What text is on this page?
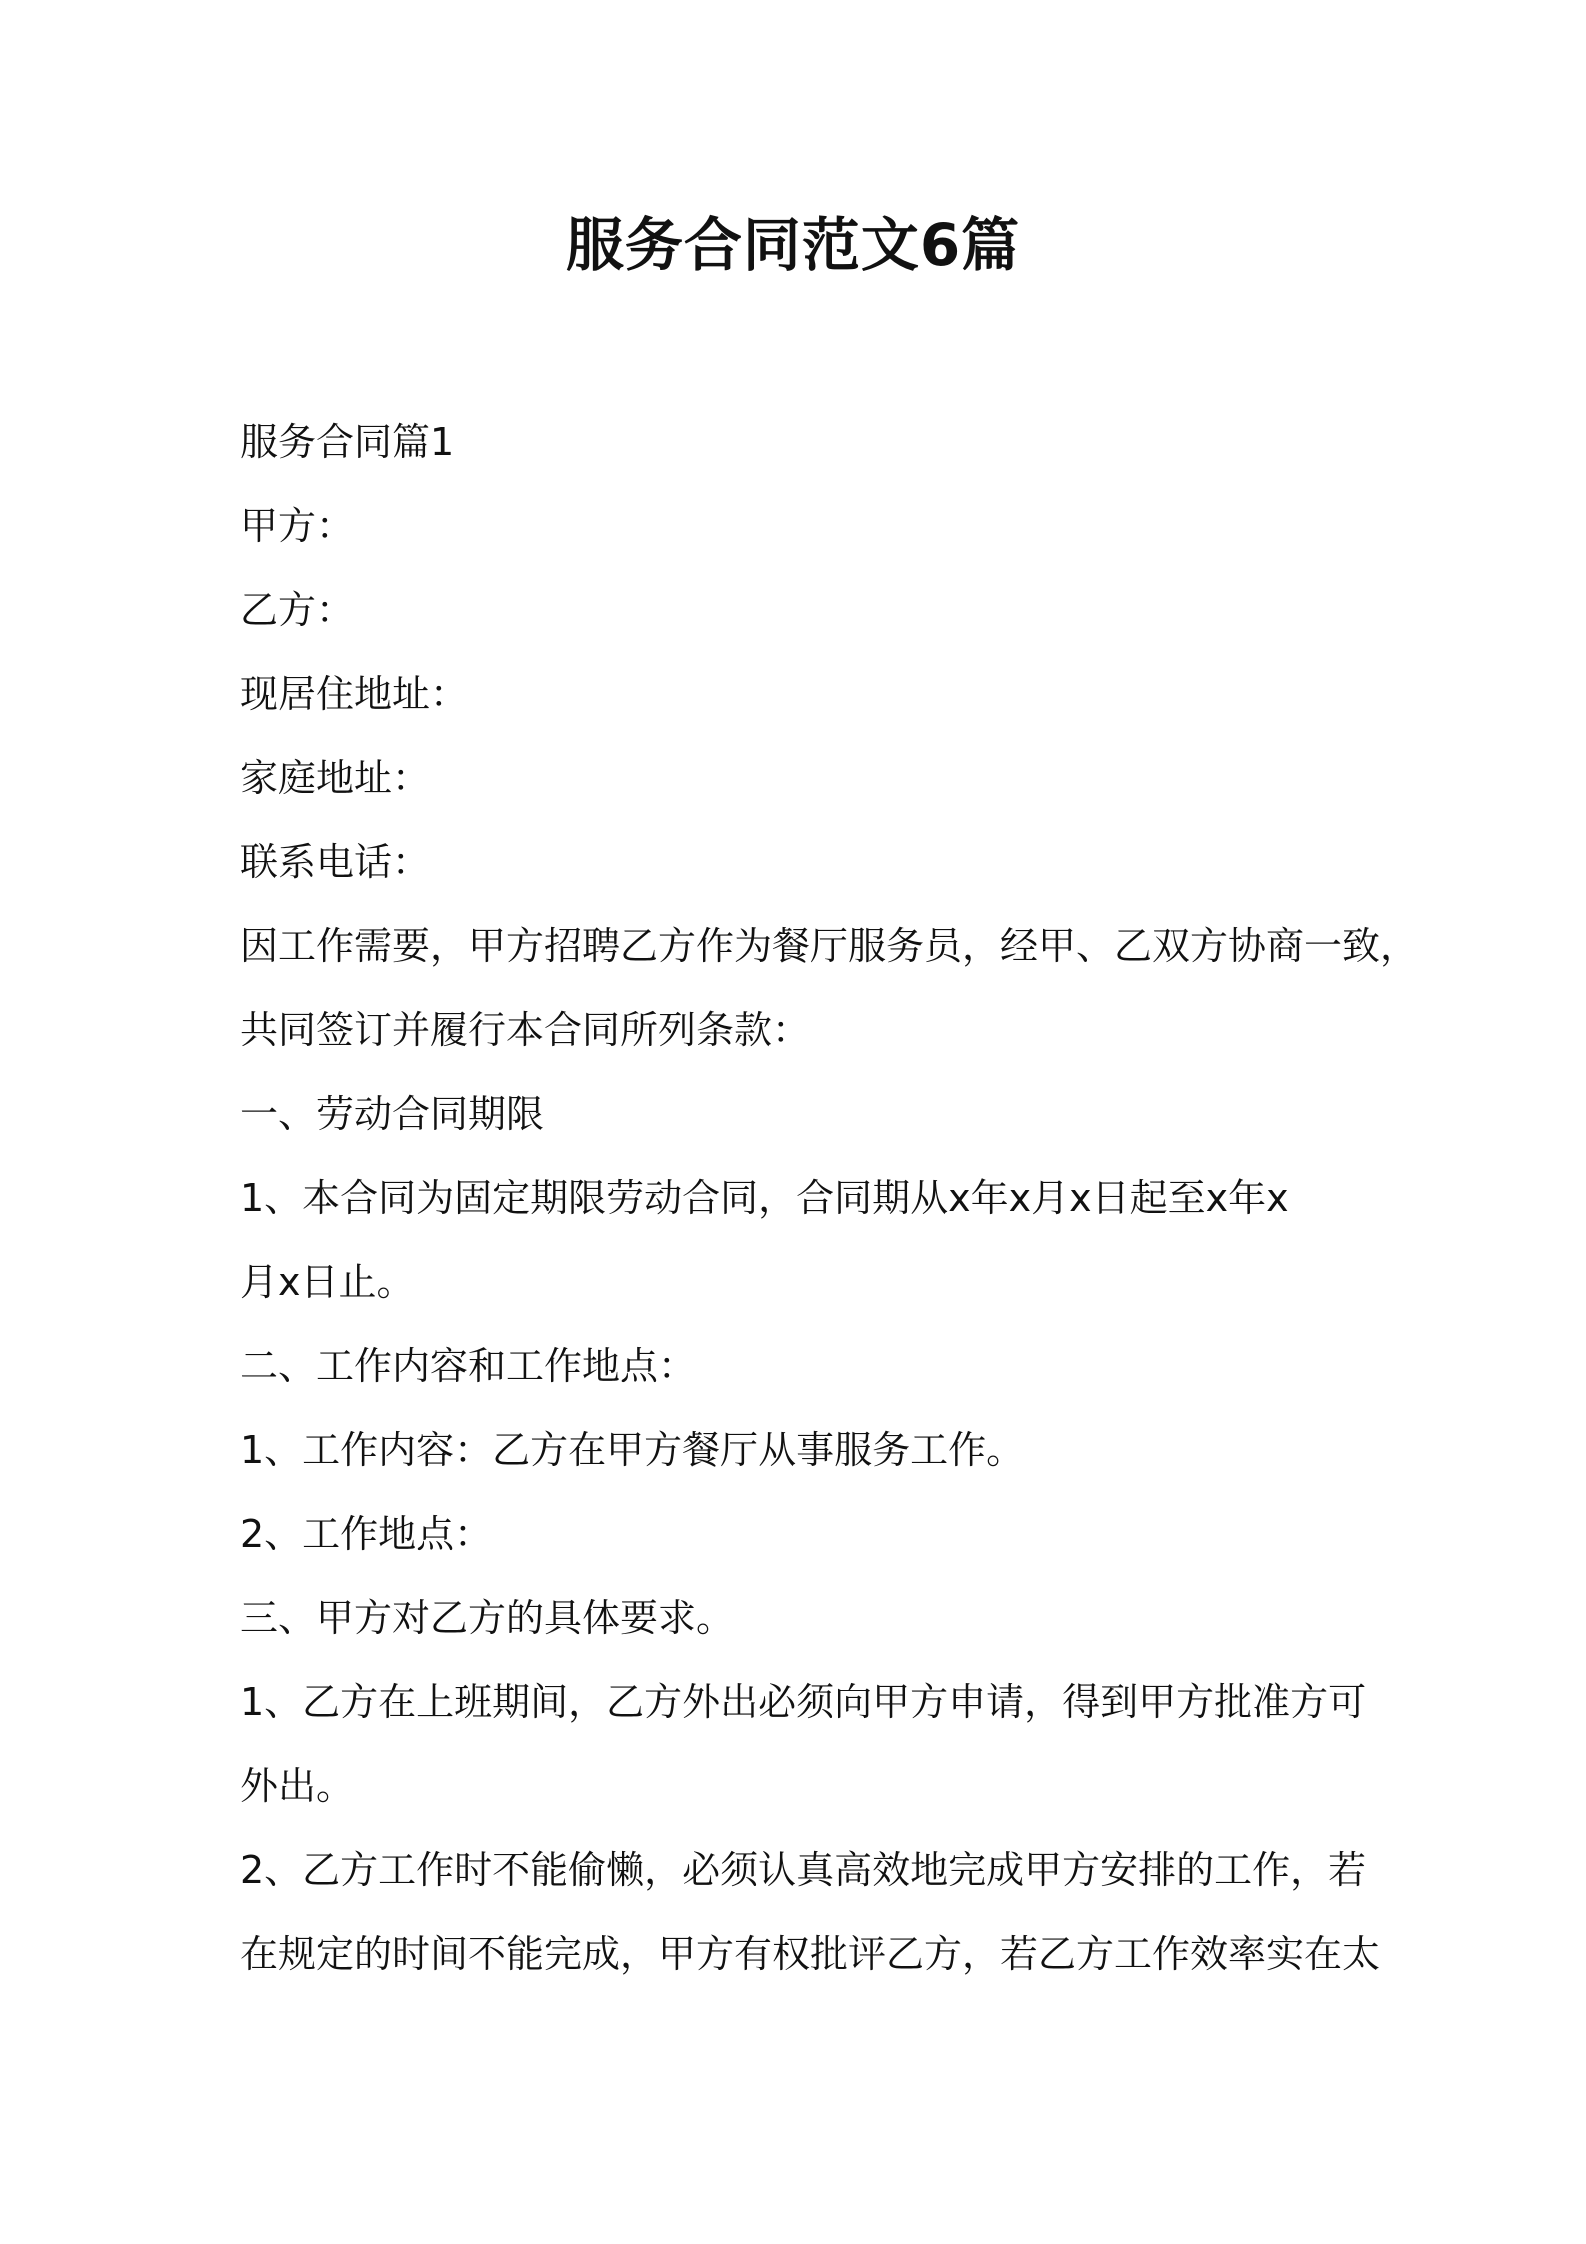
服务合同范文6篇

服务合同篇1

甲方：

乙方：

现居住地址：

家庭地址：

联系电话：

因工作需要，甲方招聘乙方作为餐厅服务员，经甲、乙双方协商一致，

共同签订并履行本合同所列条款：

一、劳动合同期限

1、本合同为固定期限劳动合同，合同期从x年x月x日起至x年x

月x日止。

二、工作内容和工作地点：

1、工作内容：乙方在甲方餐厅从事服务工作。

2、工作地点：

三、甲方对乙方的具体要求。

1、乙方在上班期间，乙方外出必须向甲方申请，得到甲方批准方可

外出。

2、乙方工作时不能偷懒，必须认真高效地完成甲方安排的工作，若

在规定的时间不能完成，甲方有权批评乙方，若乙方工作效率实在太
